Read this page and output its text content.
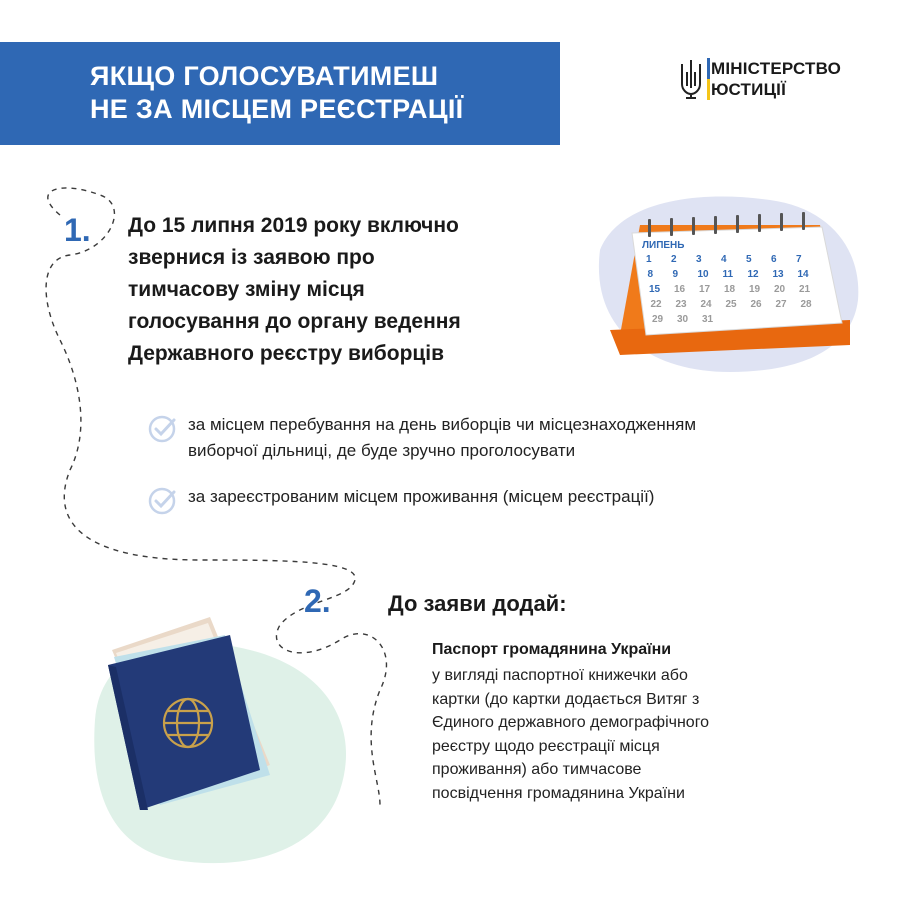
ЯКЩО ГОЛОСУВАТИМЕШ
НЕ ЗА МІСЦЕМ РЕЄСТРАЦІЇ
МІНІСТЕРСТВО
ЮСТИЦІЇ
1. До 15 липня 2019 року включно
звернися із заявою про
тимчасову зміну місця
голосування до органу ведення
Державного реєстру виборців
ЛИПЕНЬ
1 2 3 4 5 6 7
8 9 10 11 12 13 14
15 16 17 18 19 20 21
22 23 24 25 26 27 28
29 30 31
за місцем перебування на день виборців чи місцезнаходженням
виборчої дільниці, де буде зручно проголосувати
за зареєстрованим місцем проживання (місцем реєстрації)
2.	До заяви додай:
Паспорт громадянина України
у вигляді паспортної книжечки або
картки (до картки додається Витяг з
Єдиного державного демографічного
реєстру щодо реєстрації місця
проживання) або тимчасове
посвідчення громадянина України
